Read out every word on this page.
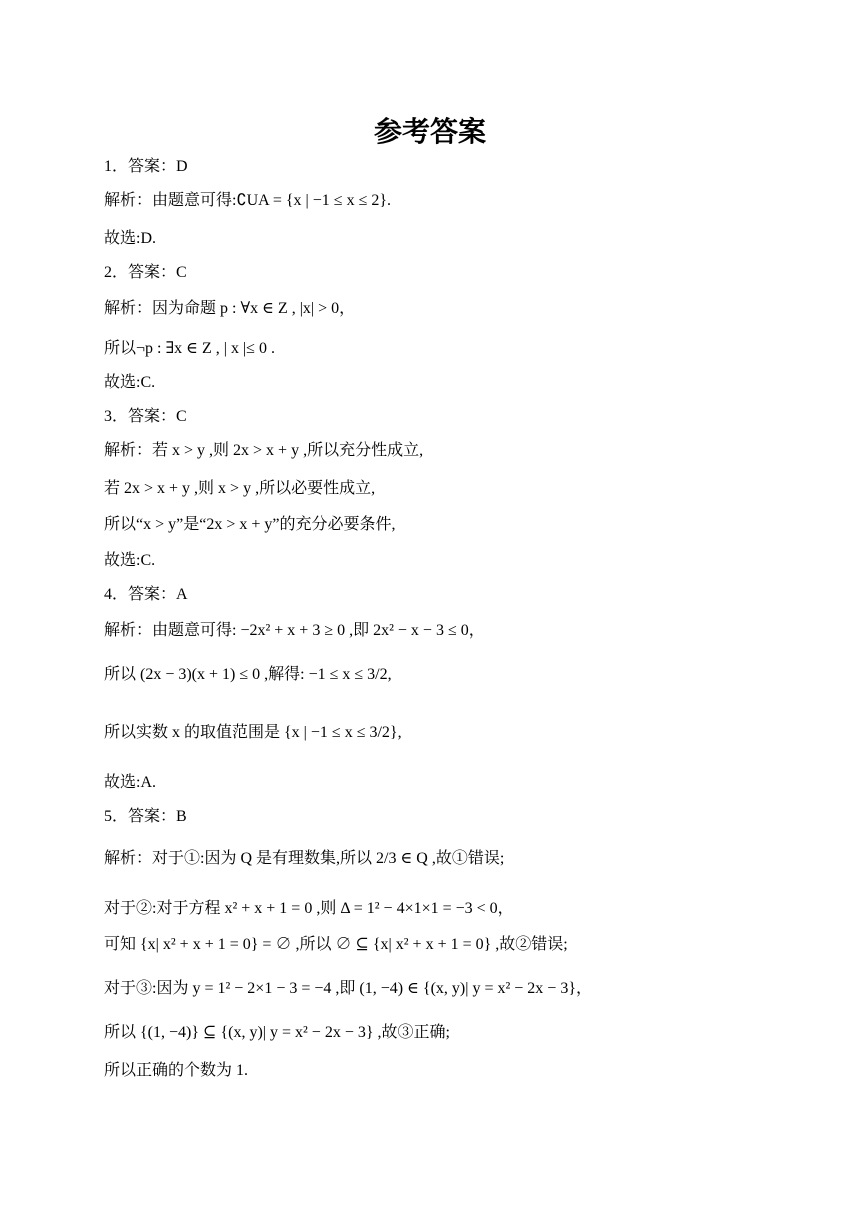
参考答案
1．答案：D
解析：由题意可得:∁UA = {x | −1 ≤ x ≤ 2}.
故选:D.
2．答案：C
解析：因为命题 p : ∀x ∈ Z , |x| > 0，
所以¬p : ∃x ∈ Z , | x |≤ 0 .
故选:C.
3．答案：C
解析：若 x > y ,则 2x > x + y ,所以充分性成立,
若 2x > x + y ,则 x > y ,所以必要性成立,
所以“x > y”是“2x > x + y”的充分必要条件,
故选:C.
4．答案：A
解析：由题意可得: −2x² + x + 3 ≥ 0 ,即 2x² − x − 3 ≤ 0，
所以 (2x − 3)(x + 1) ≤ 0 ,解得: −1 ≤ x ≤ 3/2,
所以实数 x 的取值范围是 {x | −1 ≤ x ≤ 3/2},
故选:A.
5．答案：B
解析：对于①:因为 Q 是有理数集,所以 2/3 ∈ Q ,故①错误;
对于②:对于方程 x² + x + 1 = 0 ,则 Δ = 1² − 4×1×1 = −3 < 0，
可知 {x| x² + x + 1 = 0} = ∅ ,所以 ∅ ⊆ {x| x² + x + 1 = 0} ,故②错误;
对于③:因为 y = 1² − 2×1 − 3 = −4 ,即 (1, −4) ∈ {(x, y)| y = x² − 2x − 3}，
所以 {(1, −4)} ⊆ {(x, y)| y = x² − 2x − 3} ,故③正确;
所以正确的个数为 1.
